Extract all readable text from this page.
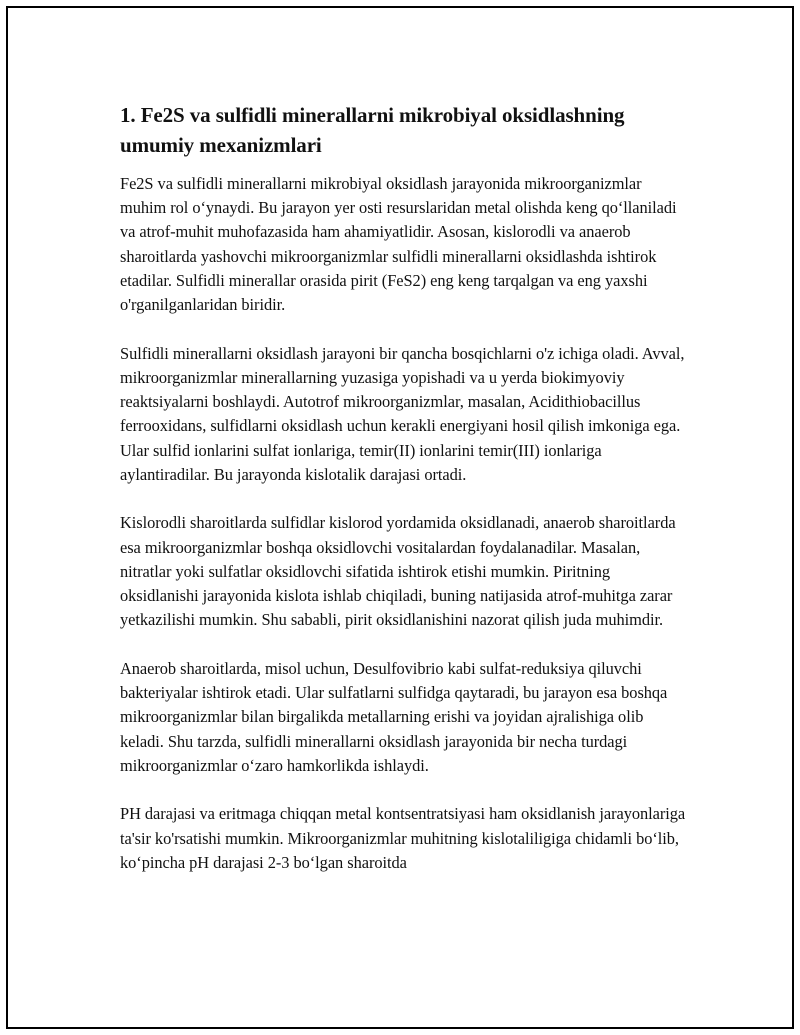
1. Fe2S va sulfidli minerallarni mikrobiyal oksidlashning umumiy mexanizmlari

Fe2S va sulfidli minerallarni mikrobiyal oksidlash jarayonida mikroorganizmlar muhim rol o‘ynaydi. Bu jarayon yer osti resurslaridan metal olishda keng qo‘llaniladi va atrof-muhit muhofazasida ham ahamiyatlidir. Asosan, kislorodli va anaerob sharoitlarda yashovchi mikroorganizmlar sulfidli minerallarni oksidlashda ishtirok etadilar. Sulfidli minerallar orasida pirit (FeS2) eng keng tarqalgan va eng yaxshi o'rganilganlaridan biridir.

Sulfidli minerallarni oksidlash jarayoni bir qancha bosqichlarni o'z ichiga oladi. Avval, mikroorganizmlar minerallarning yuzasiga yopishadi va u yerda biokimyoviy reaktsiyalarni boshlaydi. Autotrof mikroorganizmlar, masalan, Acidithiobacillus ferrooxidans, sulfidlarni oksidlash uchun kerakli energiyani hosil qilish imkoniga ega. Ular sulfid ionlarini sulfat ionlariga, temir(II) ionlarini temir(III) ionlariga aylantiradilar. Bu jarayonda kislotalik darajasi ortadi.

Kislorodli sharoitlarda sulfidlar kislorod yordamida oksidlanadi, anaerob sharoitlarda esa mikroorganizmlar boshqa oksidlovchi vositalardan foydalanadilar. Masalan, nitratlar yoki sulfatlar oksidlovchi sifatida ishtirok etishi mumkin. Piritning oksidlanishi jarayonida kislota ishlab chiqiladi, buning natijasida atrof-muhitga zarar yetkazilishi mumkin. Shu sababli, pirit oksidlanishini nazorat qilish juda muhimdir.

Anaerob sharoitlarda, misol uchun, Desulfovibrio kabi sulfat-reduksiya qiluvchi bakteriyalar ishtirok etadi. Ular sulfatlarni sulfidga qaytaradi, bu jarayon esa boshqa mikroorganizmlar bilan birgalikda metallarning erishi va joyidan ajralishiga olib keladi. Shu tarzda, sulfidli minerallarni oksidlash jarayonida bir necha turdagi mikroorganizmlar o‘zaro hamkorlikda ishlaydi.

PH darajasi va eritmaga chiqqan metal kontsentratsiyasi ham oksidlanish jarayonlariga ta'sir ko'rsatishi mumkin. Mikroorganizmlar muhitning kislotaliligiga chidamli bo‘lib, ko‘pincha pH darajasi 2-3 bo‘lgan sharoitda
